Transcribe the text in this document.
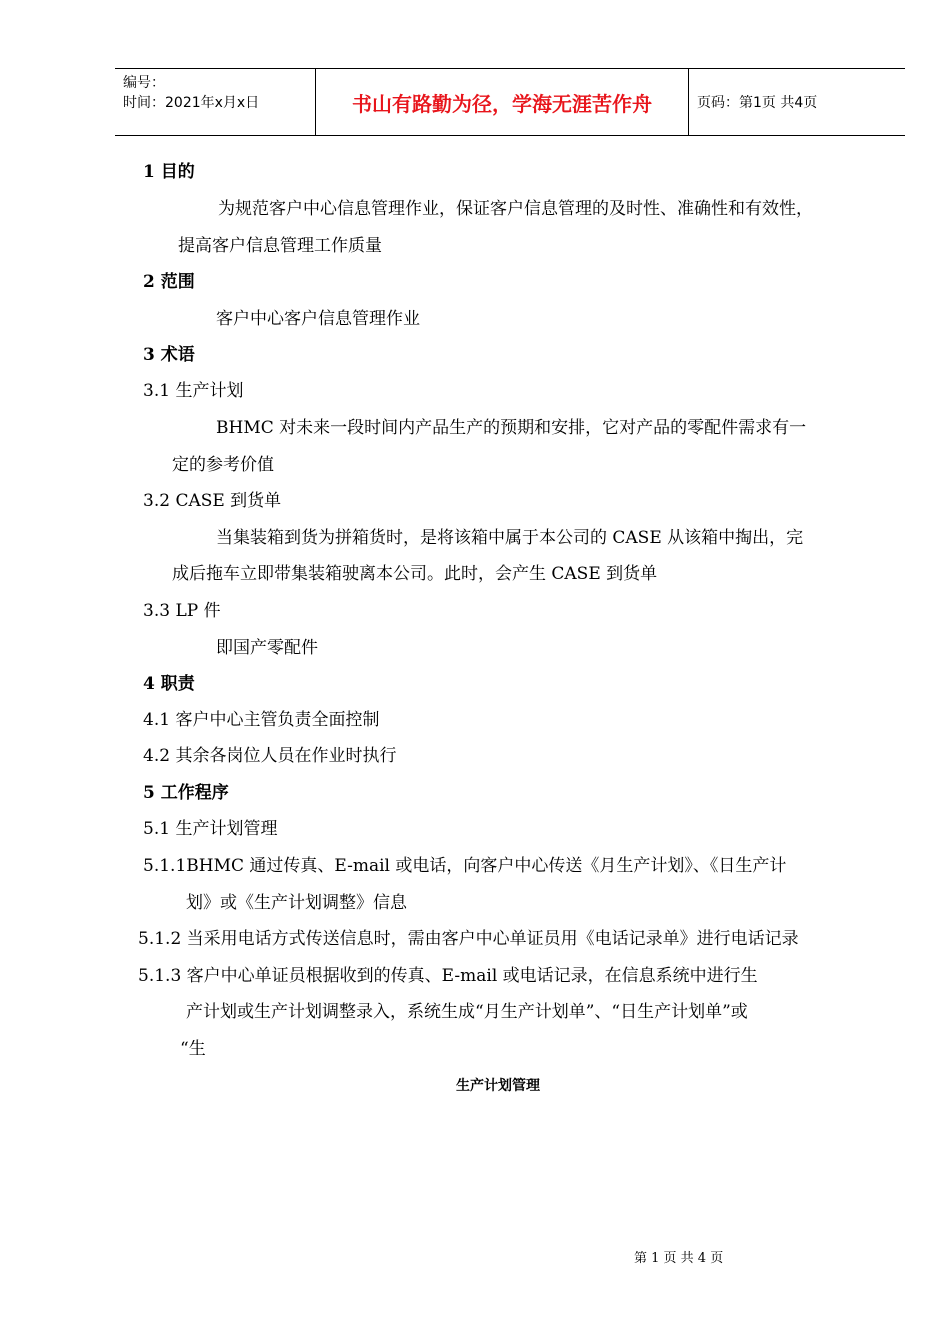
编号：
时间：2021年x月x日	书山有路勤为径，学海无涯苦作舟	页码：第1页 共4页
1 目的
为规范客户中心信息管理作业，保证客户信息管理的及时性、准确性和有效性，
提高客户信息管理工作质量
2 范围
客户中心客户信息管理作业
3 术语
3.1 生产计划
BHMC 对未来一段时间内产品生产的预期和安排，它对产品的零配件需求有一
定的参考价值
3.2 CASE 到货单
当集装箱到货为拼箱货时，是将该箱中属于本公司的 CASE 从该箱中掏出，完
成后拖车立即带集装箱驶离本公司。此时，会产生 CASE 到货单
3.3 LP 件
即国产零配件
4 职责
4.1 客户中心主管负责全面控制
4.2 其余各岗位人员在作业时执行
5 工作程序
5.1 生产计划管理
5.1.1BHMC 通过传真、E-mail 或电话，向客户中心传送《月生产计划》、《日生产计
划》或《生产计划调整》信息
5.1.2 当采用电话方式传送信息时，需由客户中心单证员用《电话记录单》进行电话记录
5.1.3 客户中心单证员根据收到的传真、E-mail 或电话记录，在信息系统中进行生
产计划或生产计划调整录入，系统生成“月生产计划单”、“日生产计划单”或
“生
生产计划管理
第 1 页 共 4 页
